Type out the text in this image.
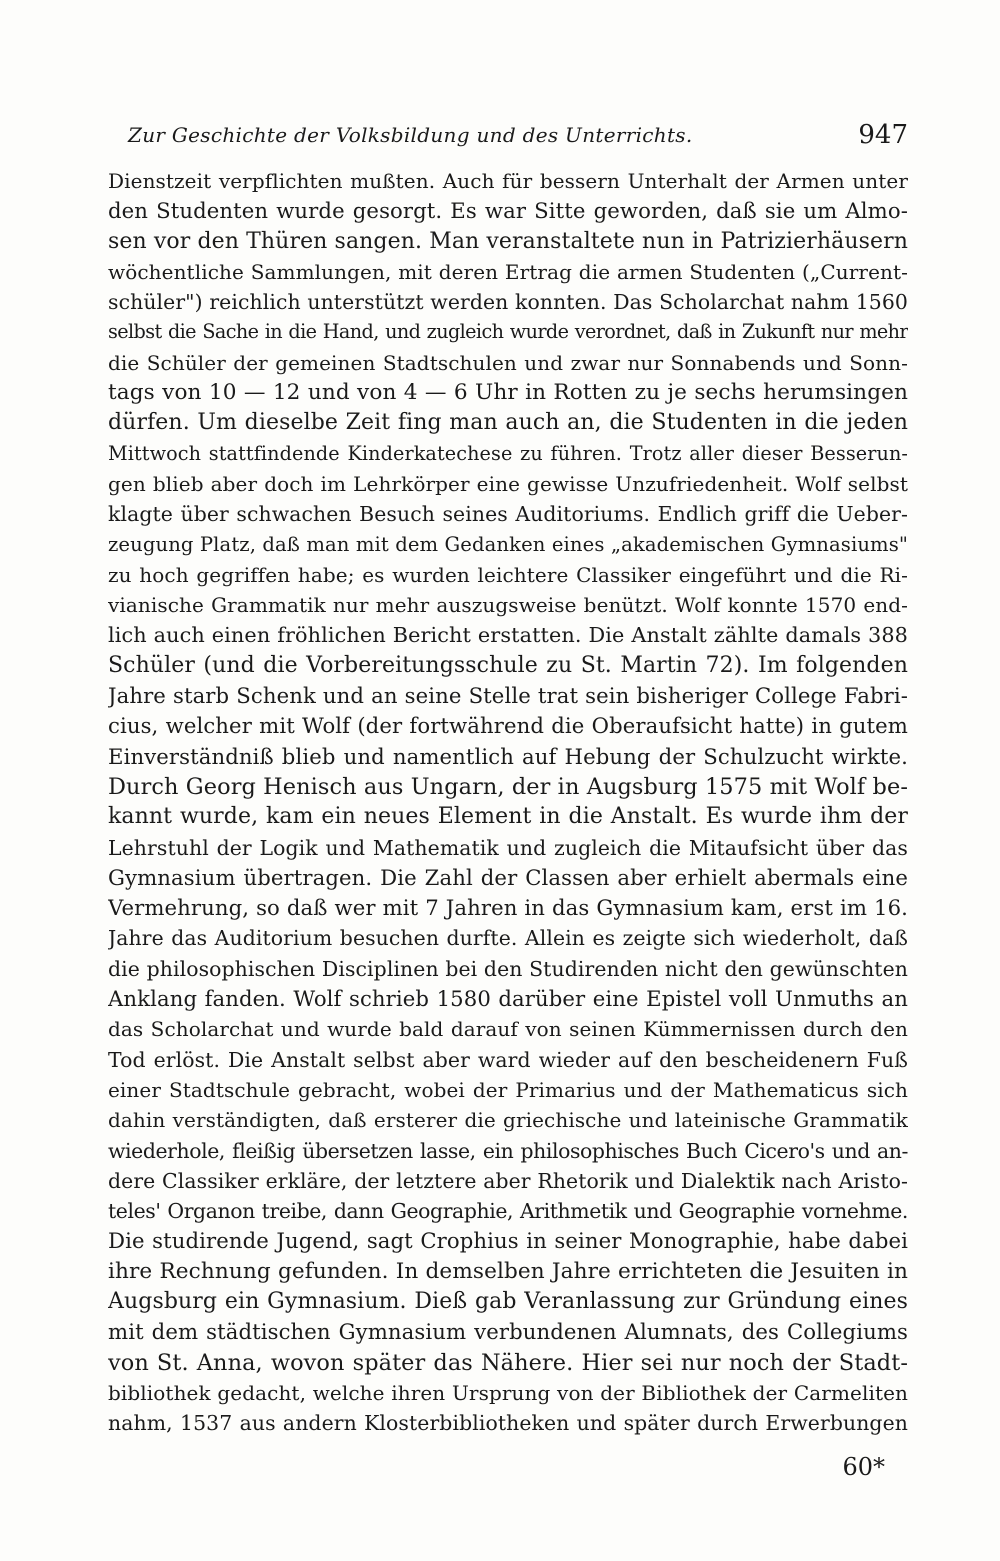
Zur Geschichte der Volksbildung und des Unterrichts.	947
Dienstzeit verpflichten mußten. Auch für bessern Unterhalt der Armen unter
den Studenten wurde gesorgt. Es war Sitte geworden, daß sie um Almo-
sen vor den Thüren sangen. Man veranstaltete nun in Patrizierhäusern
wöchentliche Sammlungen, mit deren Ertrag die armen Studenten („Current-
schüler") reichlich unterstützt werden konnten. Das Scholarchat nahm 1560
selbst die Sache in die Hand, und zugleich wurde verordnet, daß in Zukunft nur mehr
die Schüler der gemeinen Stadtschulen und zwar nur Sonnabends und Sonn-
tags von 10 — 12 und von 4 — 6 Uhr in Rotten zu je sechs herumsingen
dürfen. Um dieselbe Zeit fing man auch an, die Studenten in die jeden
Mittwoch stattfindende Kinderkatechese zu führen. Trotz aller dieser Besserun-
gen blieb aber doch im Lehrkörper eine gewisse Unzufriedenheit. Wolf selbst
klagte über schwachen Besuch seines Auditoriums. Endlich griff die Ueber-
zeugung Platz, daß man mit dem Gedanken eines „akademischen Gymnasiums"
zu hoch gegriffen habe; es wurden leichtere Classiker eingeführt und die Ri-
vianische Grammatik nur mehr auszugsweise benützt. Wolf konnte 1570 end-
lich auch einen fröhlichen Bericht erstatten. Die Anstalt zählte damals 388
Schüler (und die Vorbereitungsschule zu St. Martin 72). Im folgenden
Jahre starb Schenk und an seine Stelle trat sein bisheriger College Fabri-
cius, welcher mit Wolf (der fortwährend die Oberaufsicht hatte) in gutem
Einverständniß blieb und namentlich auf Hebung der Schulzucht wirkte.
Durch Georg Henisch aus Ungarn, der in Augsburg 1575 mit Wolf be-
kannt wurde, kam ein neues Element in die Anstalt. Es wurde ihm der
Lehrstuhl der Logik und Mathematik und zugleich die Mitaufsicht über das
Gymnasium übertragen. Die Zahl der Classen aber erhielt abermals eine
Vermehrung, so daß wer mit 7 Jahren in das Gymnasium kam, erst im 16.
Jahre das Auditorium besuchen durfte. Allein es zeigte sich wiederholt, daß
die philosophischen Disciplinen bei den Studirenden nicht den gewünschten
Anklang fanden. Wolf schrieb 1580 darüber eine Epistel voll Unmuths an
das Scholarchat und wurde bald darauf von seinen Kümmernissen durch den
Tod erlöst. Die Anstalt selbst aber ward wieder auf den bescheidenern Fuß
einer Stadtschule gebracht, wobei der Primarius und der Mathematicus sich
dahin verständigten, daß ersterer die griechische und lateinische Grammatik
wiederhole, fleißig übersetzen lasse, ein philosophisches Buch Cicero's und an-
dere Classiker erkläre, der letztere aber Rhetorik und Dialektik nach Aristo-
teles' Organon treibe, dann Geographie, Arithmetik und Geographie vornehme.
Die studirende Jugend, sagt Crophius in seiner Monographie, habe dabei
ihre Rechnung gefunden. In demselben Jahre errichteten die Jesuiten in
Augsburg ein Gymnasium. Dieß gab Veranlassung zur Gründung eines
mit dem städtischen Gymnasium verbundenen Alumnats, des Collegiums
von St. Anna, wovon später das Nähere. Hier sei nur noch der Stadt-
bibliothek gedacht, welche ihren Ursprung von der Bibliothek der Carmeliten
nahm, 1537 aus andern Klosterbibliotheken und später durch Erwerbungen
60*
